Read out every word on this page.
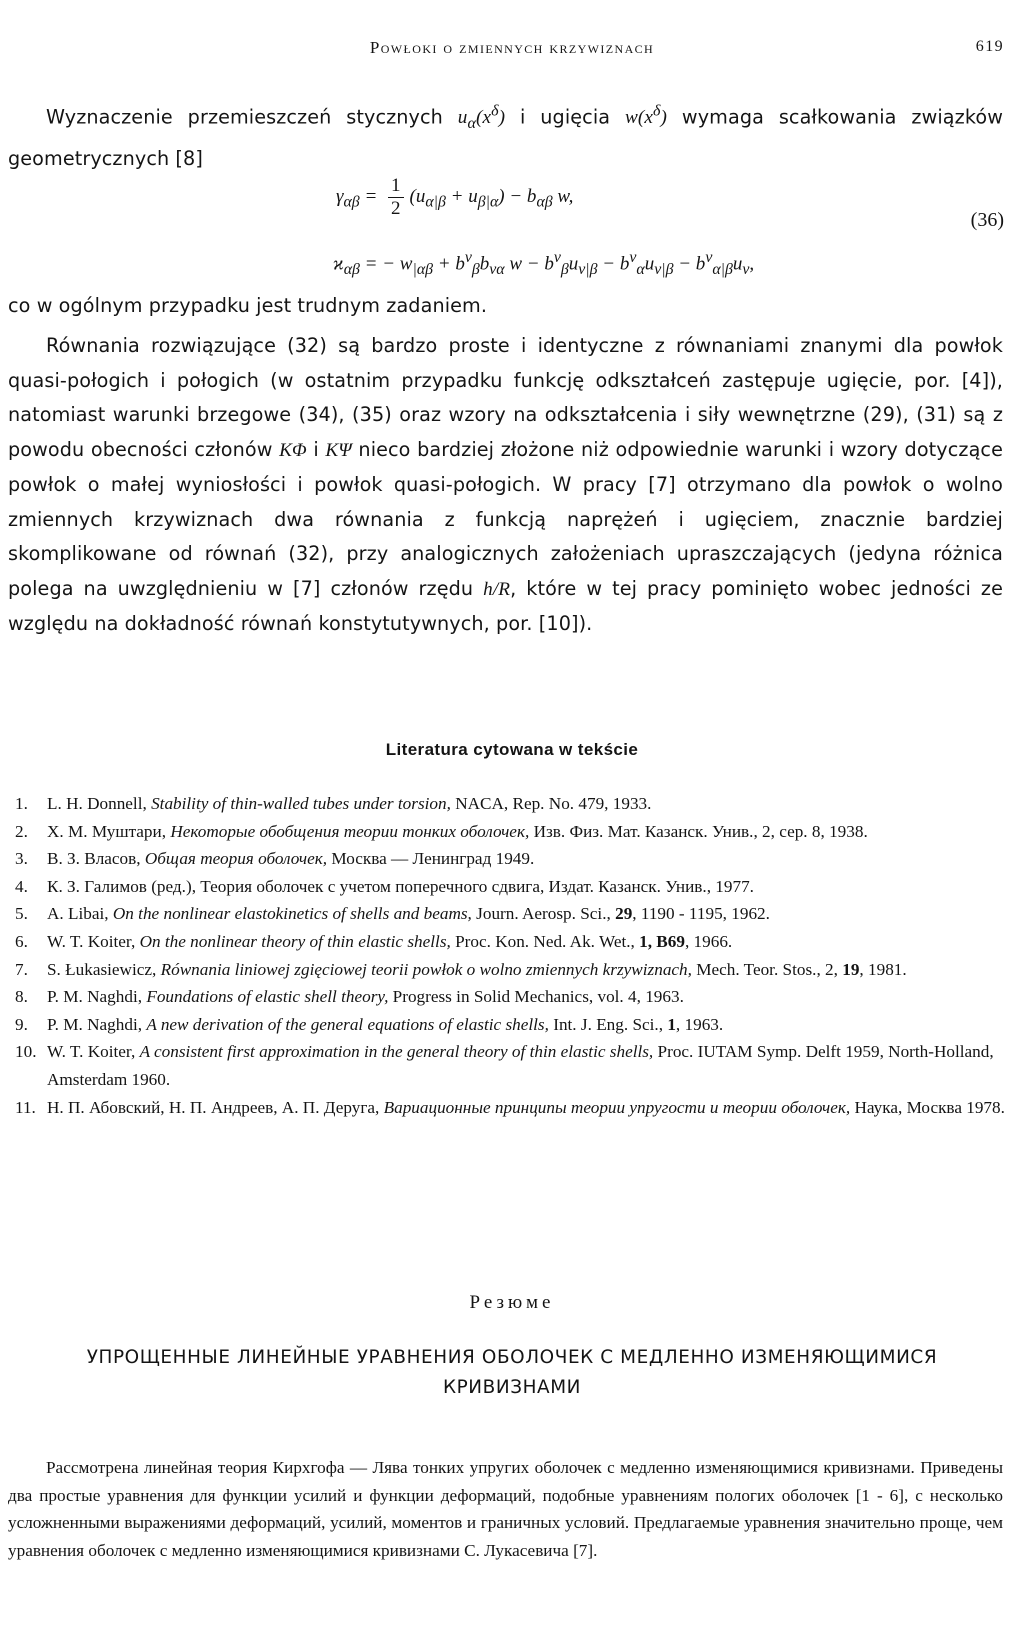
Powłoki o zmiennych krzywiznach	619

Wyznaczenie przemieszczeń stycznych $u_\alpha(x^\delta)$ i ugięcia $w(x^\delta)$ wymaga scałkowania związków geometrycznych [8]

$\gamma_{\alpha\beta} = \frac{1}{2} (u_{\alpha|\beta} + u_{\beta|\alpha}) - b_{\alpha\beta}$ w,
(36)
$ϰ_{\alpha\beta}$ = − $w_{|\alpha\beta} + b^\nu_\beta b_{\nu\alpha}$ $w - b^\nu_\beta u_{\nu|\beta} - b^\nu_\alpha u_{\nu|\beta} - b^\nu_{\alpha|\beta}u_\nu$,

co w ogólnym przypadku jest trudnym zadaniem.

Równania rozwiązujące (32) są bardzo proste i identyczne z równaniami znanymi dla powłok quasi-połogich i połogich (w ostatnim przypadku funkcję odkształceń zastępuje ugięcie, por. [4]), natomiast warunki brzegowe (34), (35) oraz wzory na odkształcenia i siły wewnętrzne (29), (31) są z powodu obecności członów KΦ i KΨ nieco bardziej złożone niż odpowiednie warunki i wzory dotyczące powłok o małej wyniosłości i powłok quasi-połogich. W pracy [7] otrzymano dla powłok o wolno zmiennych krzywiznach dwa równania z funkcją naprężeń i ugięciem, znacznie bardziej skomplikowane od równań (32), przy analogicznych założeniach upraszczających (jedyna różnica polega na uwzględnieniu w [7] członów rzędu h/R, które w tej pracy pominięto wobec jedności ze względu na dokładność równań konstytutywnych, por. [10]).

Literatura cytowana w tekście
1.	L. H. Donnell, Stability of thin-walled tubes under torsion, NACA, Rep. No. 479, 1933.
2.	Х. М. Муштари, Некоторые обобщения теории тонких оболочек, Изв. Физ. Мат. Казанск. Унив., 2, сер. 8, 1938.
3.	В. З. Власов, Общая теория оболочек, Москва — Ленинград 1949.
4.	К. З. Галимов (ред.), Теория оболочек с учетом поперечного сдвига, Издат. Казанск. Унив., 1977.
5.	A. Libai, On the nonlinear elastokinetics of shells and beams, Journ. Aerosp. Sci., 29, 1190 - 1195, 1962.
6.	W. T. Koiter, On the nonlinear theory of thin elastic shells, Proc. Kon. Ned. Ak. Wet., 1, B69, 1966.
7.	S. Łukasiewicz, Równania liniowej zgięciowej teorii powłok o wolno zmiennych krzywiznach, Mech. Teor. Stos., 2, 19, 1981.
8.	P. M. Naghdi, Foundations of elastic shell theory, Progress in Solid Mechanics, vol. 4, 1963.
9.	P. M. Naghdi, A new derivation of the general equations of elastic shells, Int. J. Eng. Sci., 1, 1963.
10. W. T. Koiter, A consistent first approximation in the general theory of thin elastic shells, Proc. IUTAM Symp. Delft 1959, North-Holland, Amsterdam 1960.
11. Н. П. Абовский, Н. П. Андреев, А. П. Деруга, Вариационные принципы теории упругости и теории оболочек, Наука, Москва 1978.
Резюме
УПРОЩЕННЫЕ ЛИНЕЙНЫЕ УРАВНЕНИЯ ОБОЛОЧЕК С МЕДЛЕННО ИЗМЕНЯЮЩИМИСЯ КРИВИЗНАМИ

Рассмотрена линейная теория Кирхгофа — Лява тонких упругих оболочек с медленно изменяющимися кривизнами. Приведены два простые уравнения для функции усилий и функции деформаций, подобные уравнениям пологих оболочек [1 - 6], с несколько усложненными выражениями деформаций, усилий, моментов и граничных условий. Предлагаемые уравнения значительно проще, чем уравнения оболочек с медленно изменяющимися кривизнами С. Лукасевича [7].
